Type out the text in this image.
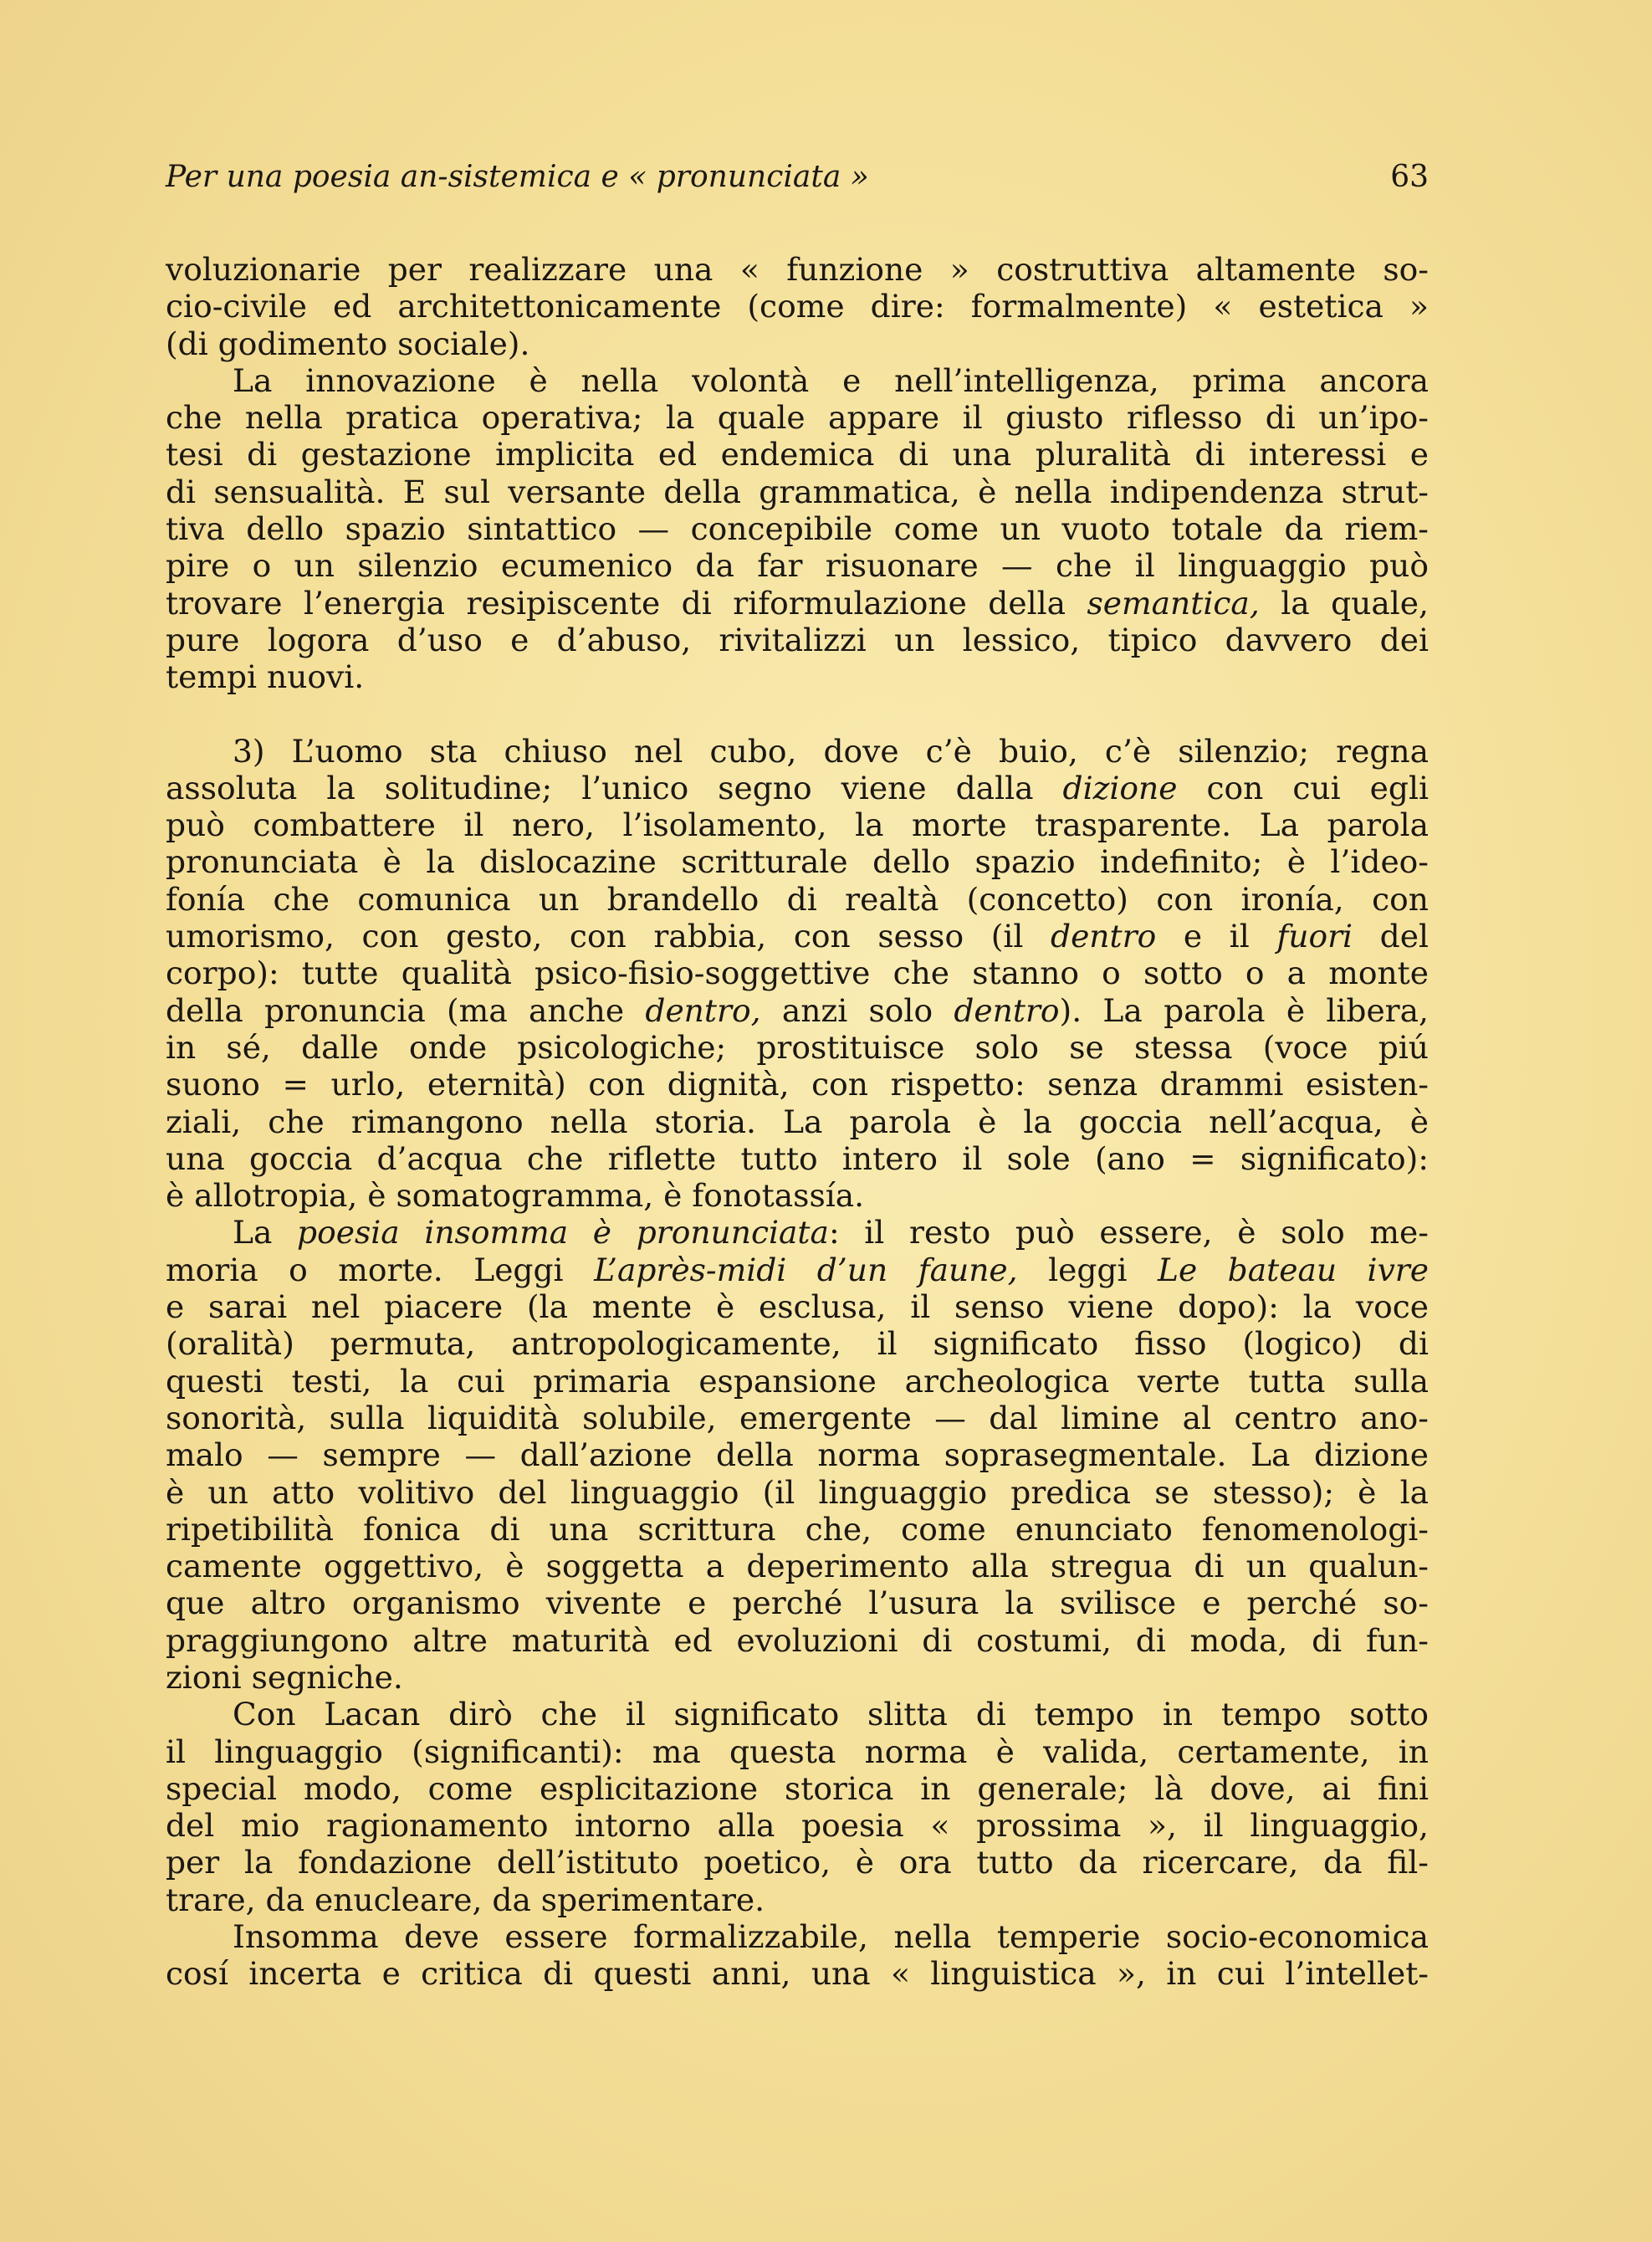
Per una poesia an-sistemica e « pronunciata »	63
voluzionarie per realizzare una « funzione » costruttiva altamente so-
cio-civile ed architettonicamente (come dire: formalmente) « estetica »
(di godimento sociale).
La innovazione è nella volontà e nell’intelligenza, prima ancora
che nella pratica operativa; la quale appare il giusto riflesso di un’ipo-
tesi di gestazione implicita ed endemica di una pluralità di interessi e
di sensualità. E sul versante della grammatica, è nella indipendenza strut-
tiva dello spazio sintattico — concepibile come un vuoto totale da riem-
pire o un silenzio ecumenico da far risuonare — che il linguaggio può
trovare l’energia resipiscente di riformulazione della semantica, la quale,
pure logora d’uso e d’abuso, rivitalizzi un lessico, tipico davvero dei
tempi nuovi.
3) L’uomo sta chiuso nel cubo, dove c’è buio, c’è silenzio; regna
assoluta la solitudine; l’unico segno viene dalla dizione con cui egli
può combattere il nero, l’isolamento, la morte trasparente. La parola
pronunciata è la dislocazine scritturale dello spazio indefinito; è l’ideo-
fonía che comunica un brandello di realtà (concetto) con ironía, con
umorismo, con gesto, con rabbia, con sesso (il dentro e il fuori del
corpo): tutte qualità psico-fisio-soggettive che stanno o sotto o a monte
della pronuncia (ma anche dentro, anzi solo dentro). La parola è libera,
in sé, dalle onde psicologiche; prostituisce solo se stessa (voce piú
suono = urlo, eternità) con dignità, con rispetto: senza drammi esisten-
ziali, che rimangono nella storia. La parola è la goccia nell’acqua, è
una goccia d’acqua che riflette tutto intero il sole (ano = significato):
è allotropia, è somatogramma, è fonotassía.
La poesia insomma è pronunciata: il resto può essere, è solo me-
moria o morte. Leggi L’après-midi d’un faune, leggi Le bateau ivre
e sarai nel piacere (la mente è esclusa, il senso viene dopo): la voce
(oralità) permuta, antropologicamente, il significato fisso (logico) di
questi testi, la cui primaria espansione archeologica verte tutta sulla
sonorità, sulla liquidità solubile, emergente — dal limine al centro ano-
malo — sempre — dall’azione della norma soprasegmentale. La dizione
è un atto volitivo del linguaggio (il linguaggio predica se stesso); è la
ripetibilità fonica di una scrittura che, come enunciato fenomenologi-
camente oggettivo, è soggetta a deperimento alla stregua di un qualun-
que altro organismo vivente e perché l’usura la svilisce e perché so-
praggiungono altre maturità ed evoluzioni di costumi, di moda, di fun-
zioni segniche.
Con Lacan dirò che il significato slitta di tempo in tempo sotto
il linguaggio (significanti): ma questa norma è valida, certamente, in
special modo, come esplicitazione storica in generale; là dove, ai fini
del mio ragionamento intorno alla poesia « prossima », il linguaggio,
per la fondazione dell’istituto poetico, è ora tutto da ricercare, da fil-
trare, da enucleare, da sperimentare.
Insomma deve essere formalizzabile, nella temperie socio-economica
cosí incerta e critica di questi anni, una « linguistica », in cui l’intellet-
